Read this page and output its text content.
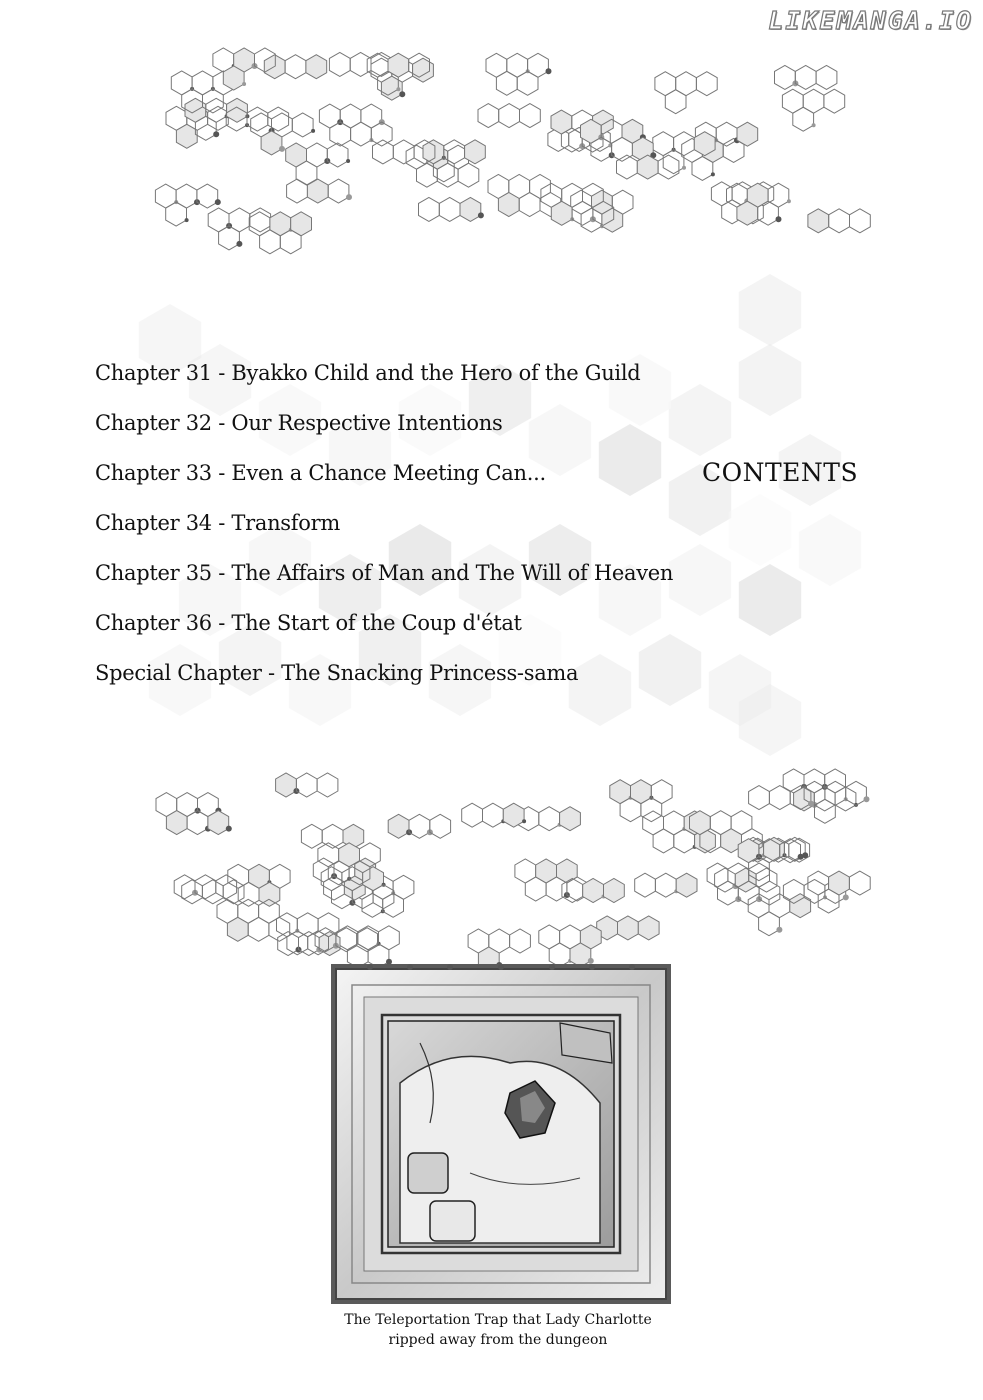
LIKEMANGA.IO
CONTENTS
Chapter 31 - Byakko Child and the Hero of the Guild
Chapter 32 - Our Respective Intentions
Chapter 33 - Even a Chance Meeting Can...
Chapter 34 - Transform
Chapter 35 - The Affairs of Man and The Will of Heaven
Chapter 36 - The Start of the Coup d'état
Special Chapter - The Snacking Princess-sama
The Teleportation Trap that Lady Charlotte
ripped away from the dungeon
